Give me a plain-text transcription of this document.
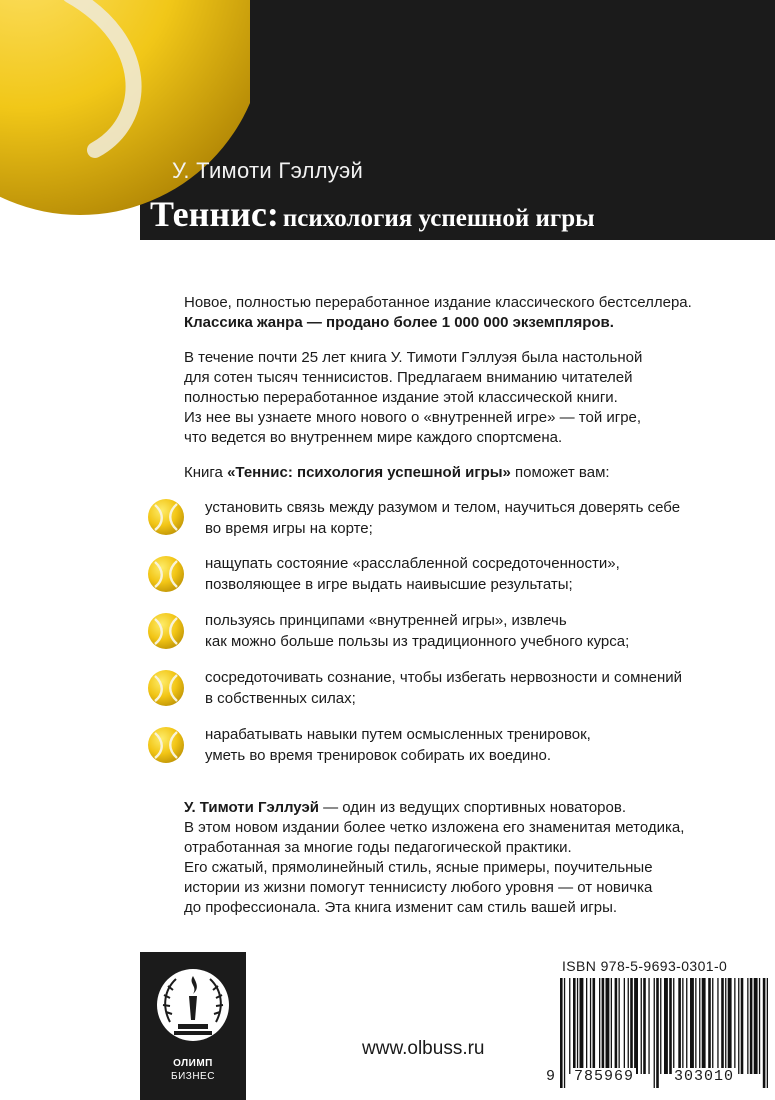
У. Тимоти Гэллуэй

Теннис: психология успешной игры

Новое, полностью переработанное издание классического бестселлера.
Классика жанра — продано более 1 000 000 экземпляров.
В течение почти 25 лет книга У. Тимоти Гэллуэя была настольной
для сотен тысяч теннисистов. Предлагаем вниманию читателей
полностью переработанное издание этой классической книги.
Из нее вы узнаете много нового о «внутренней игре» — той игре,
что ведется во внутреннем мире каждого спортсмена.
Книга «Теннис: психология успешной игры» поможет вам:
установить связь между разумом и телом, научиться доверять себе
во время игры на корте;
нащупать состояние «расслабленной сосредоточенности»,
позволяющее в игре выдать наивысшие результаты;
пользуясь принципами «внутренней игры», извлечь
как можно больше пользы из традиционного учебного курса;
сосредоточивать сознание, чтобы избегать нервозности и сомнений
в собственных силах;
нарабатывать навыки путем осмысленных тренировок,
уметь во время тренировок собирать их воедино.
У. Тимоти Гэллуэй — один из ведущих спортивных новаторов.
В этом новом издании более четко изложена его знаменитая методика,
отработанная за многие годы педагогической практики.
Его сжатый, прямолинейный стиль, ясные примеры, поучительные
истории из жизни помогут теннисисту любого уровня — от новичка
до профессионала. Эта книга изменит сам стиль вашей игры.
ОЛИМП
БИЗНЕС
www.olbuss.ru
ISBN 978-5-9693-0301-0
9 785969	303010
